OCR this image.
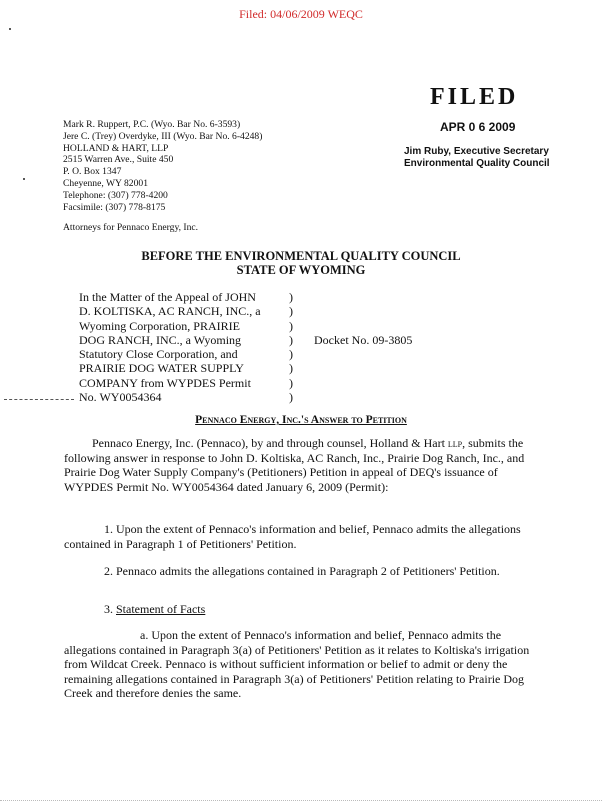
Filed: 04/06/2009 WEQC
FILED
APR 0 6 2009
Jim Ruby, Executive Secretary
Environmental Quality Council
Mark R. Ruppert, P.C. (Wyo. Bar No. 6-3593)
Jere C. (Trey) Overdyke, III (Wyo. Bar No. 6-4248)
HOLLAND & HART, LLP
2515 Warren Ave., Suite 450
P. O. Box 1347
Cheyenne, WY 82001
Telephone: (307) 778-4200
Facsimile: (307) 778-8175
Attorneys for Pennaco Energy, Inc.
BEFORE THE ENVIRONMENTAL QUALITY COUNCIL
STATE OF WYOMING
In the Matter of the Appeal of JOHN
D. KOLTISKA, AC RANCH, INC., a
Wyoming Corporation, PRAIRIE
DOG RANCH, INC., a Wyoming
Statutory Close Corporation, and
PRAIRIE DOG WATER SUPPLY
COMPANY from WYPDES Permit
No. WY0054364
)
)
)
)
)
)
)
)
Docket No. 09-3805
Pennaco Energy, Inc.'s Answer to Petition
Pennaco Energy, Inc. (Pennaco), by and through counsel, Holland & Hart llp, submits the following answer in response to John D. Koltiska, AC Ranch, Inc., Prairie Dog Ranch, Inc., and Prairie Dog Water Supply Company's (Petitioners) Petition in appeal of DEQ's issuance of WYPDES Permit No. WY0054364 dated January 6, 2009 (Permit):
1. Upon the extent of Pennaco's information and belief, Pennaco admits the allegations contained in Paragraph 1 of Petitioners' Petition.
2. Pennaco admits the allegations contained in Paragraph 2 of Petitioners' Petition.
3. Statement of Facts
a. Upon the extent of Pennaco's information and belief, Pennaco admits the allegations contained in Paragraph 3(a) of Petitioners' Petition as it relates to Koltiska's irrigation from Wildcat Creek. Pennaco is without sufficient information or belief to admit or deny the remaining allegations contained in Paragraph 3(a) of Petitioners' Petition relating to Prairie Dog Creek and therefore denies the same.
